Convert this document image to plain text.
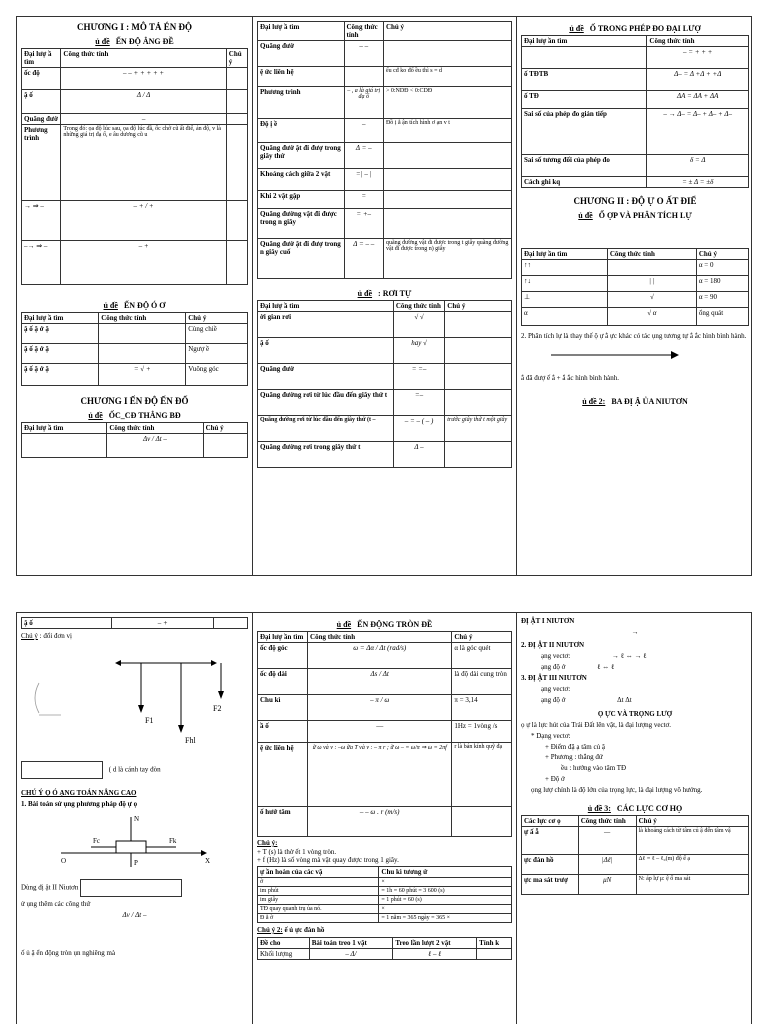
CHƯƠNG I : MÔ TẢ ÉN ĐỘ
ủ đề ẾN ĐỘ ẲNG ĐỀ
Đại lượ ầ tìm	Công thức tính	Chú ý
ốc độ	– – + + + + +	
ậ ố	Δ / Δ	
Quãng đườ	–	
Phương trình	Trong đó: ọa độ lúc sau, ọa độ lúc đầ, ốc chở cũ ất điể, ản độ, v là những giá trị đạ ố, e âu dương cũ u	
→ ⇒ –	– + / +	
–→ ⇒ –	– +	
ủ đề ẾN ĐỘ Ó Ơ
Đại lượ ầ tìm	Công thức tính	Chú ý
ậ ố ậ ớ ậ		Cùng chiề
ậ ố ậ ớ ậ		Ngượ ề
ậ ố ậ ớ ậ	= √ +	Vuông góc
CHƯƠNG I ẾN ĐỘ ẾN ĐỐ
ủ đề ỐC_CĐ THẲNG BĐ
Đại lượ ầ tìm	Công thức tính	Chú ý
	Δv / Δt –	
Đại lượ ầ tìm	Công thức tính	Chú ý
Quãng đườ	– –	
ệ ức liên hệ		ếu cđ ko đổ ều thì s = d
Phương trình	– , a là giá trị đạ ố	> 0:NDĐ < 0:CDĐ
Độ ị ề	–	Đồ ị ằ ận tích hình ơ ạn v t
Quãng đườ ật đi đượ trong giây thứ	Δ = –	
Khoảng cách giữa 2 vật	=| – |	
Khi 2 vật gặp	=	
Quãng đường vật đi được trong n giây	= +–	
Quãng đườ ật đi đượ trong n giây cuố	Δ = – –	quãng đường vật đi được trong t giây quãng đường vật đi được trong n) giây
ủ đề : RƠI TỰ
Đại lượ ầ tìm	Công thức tính	Chú ý
ời gian rơi	√ √	
ậ ố	hay √	
Quãng đườ	= =–	
Quãng đường rơi từ lúc đầu đến giây thứ t	=–	
Quãng đường rơi từ lúc đầu đến giây thứ (t –	– = – ( – )	trước giây thứ t một giây
Quãng đường rơi trong giây thứ t	Δ –	
ủ đề Ố TRONG PHÉP ĐO ĐẠI LƯỢ
Đại lượ ần tìm	Công thức tính
	– = + + +
ố TĐTB	Δ– = Δ +Δ + +Δ
ố TĐ	ΔA = ΔA + ΔA
Sai số của phép đo gián tiếp	– → Δ– = Δ– + Δ– + Δ–
Sai số tương đối của phép đo	δ = Δ
Cách ghi kq	= ± Δ = ±δ
CHƯƠNG II : ĐỘ Ự O ẤT ĐIỂ
ủ đề Ổ ỢP VÀ PHÂN TÍCH LỰ
Đại lượ ần tìm	Công thức tính	Chú ý
↑↑		α = 0
↑↓	| |	α = 180
⊥	√	α = 90
α	√ α	ổng quát
2. Phân tích lự là thay thế ộ ự ằ ực khác có tác ụng tương tự ắ ắc hình bình hành.
ắ đã đượ ế ắ + ắ ắc hình bình hành.
ủ đề 2: BA ĐỊ Ậ ỦA NIUTƠN
ậ ố	– +	
Chú ý : đổi đơn vị
F1
F2
Fhl
( d là cánh tay đòn
CHÚ Ý Ọ Ó ẠNG TOÁN NÂNG CAO
1. Bài toán sử ụng phương pháp độ ự ọ
N
Fc	Fk
O	X
P
Dùng đị ật II Niutơn
ử ụng thêm các công thứ
Δv / Δt –
ố ủ ậ ển động tròn ụn nghiêng mà
ủ đề ẾN ĐỘNG TRÒN ĐỀ
Đại lượ ần tìm	Công thức tính	Chú ý
ốc độ góc	ω = Δα / Δt (rad/s)	α là góc quét
ốc độ dài	Δs / Δt	là độ dài cung tròn
Chu kì	– π / ω	π = 3,14
ầ ố	––	1Hz = 1vòng /s
ệ ức liên hệ	ữ ω và v : –ω ữa T và v : – π r ; ữ ω – = ω/π ⇒ ω = 2πf	r là bán kính quỹ đạ
ố hướ tâm	– – ω . r (m/s)	
Chú ý:
+ T (s) là thờ ết 1 vòng tròn.
+ f (Hz) là số vòng mà vật quay được trong 1 giây.
ự ần hoàn của các vậ	Chu kì tương ứ
ờ	×
im phút	= 1h = 60 phút = 3 600 (s)
im giây	= 1 phút = 60 (s)
TĐ quay quanh trụ ủa nó.	×
Đ ằ ờ	= 1 năm = 365 ngày = 365 ×
Chú ý 2: ế ủ ực đàn hồ
Đề cho	Bài toán treo 1 vật	Treo lần lượt 2 vật	Tính k
Khối lượng	– Δ/	ℓ – ℓ	
ĐỊ ẬT I NIUTƠN
→
2. ĐỊ ẬT II NIUTƠN
ạng vectơ:	→ ℓ ⇔ → ℓ
ạng độ ớ	ℓ ⇔ ℓ
3. ĐỊ ẬT III NIUTƠN
ạng vectơ:
ạng độ ớ	Δt Δt
Ọ ỰC VÀ TRỌNG LƯỢ
ọ ự là lực hút của Trái Đất lên vật, là đại lượng vectơ.
* Dạng vectơ:
+ Điểm đặ ạ tâm củ ậ
+ Phương : thẳng đứ
ều : hướng vào tâm TĐ
+ Độ ớ
ọng lượ chính là độ lớn của trọng lực, là đại lượng vô hướng.
ủ đề 3: CÁC LỰC CƠ HỌ
Các lực cơ ọ	Công thức tính	Chú ý
ự ấ ẫ	—	là khoảng cách từ tâm củ ậ đến tâm vậ
ực đàn hồ	|Δℓ|	Δℓ = ℓ – ℓ₀(m) độ ế ạ
ực ma sát trượ	μN	N: áp lự μ: ệ ố ma sát
